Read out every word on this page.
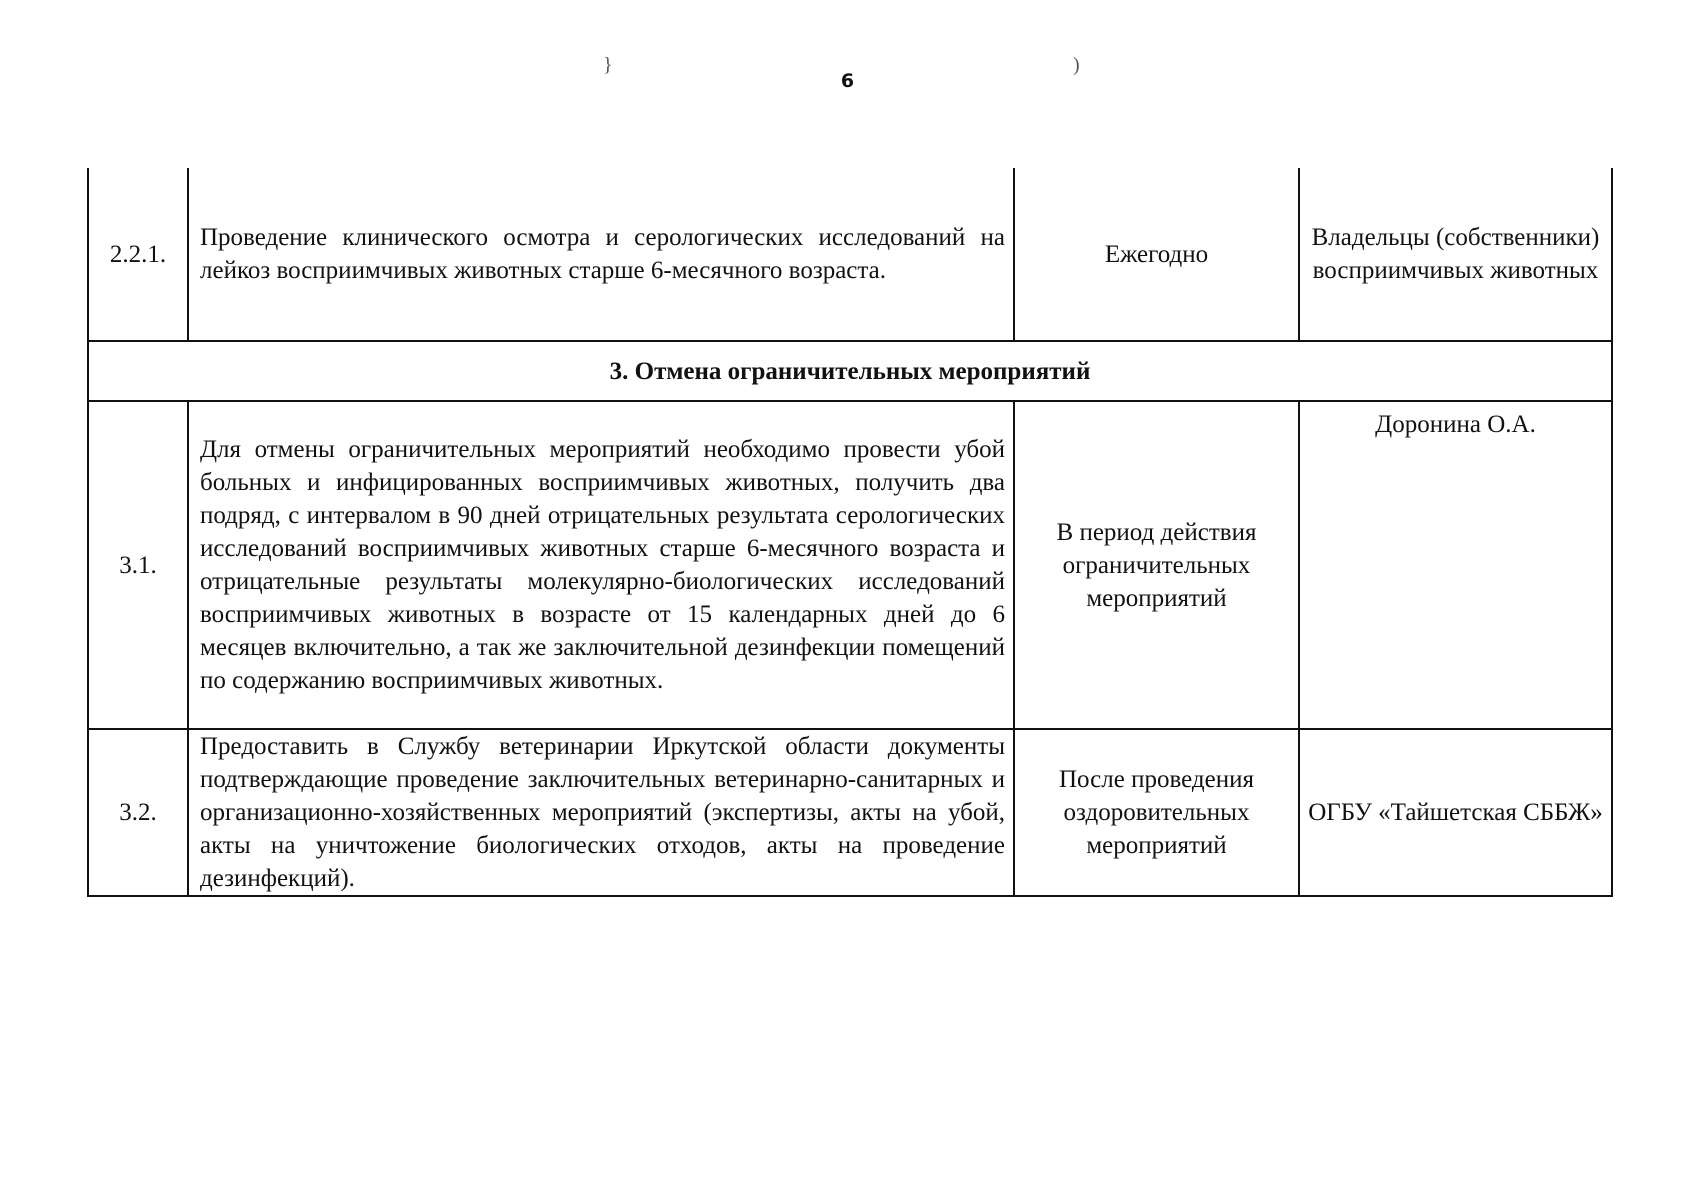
}
6
)
2.2.1.	Проведение клинического осмотра и серологических исследований на лейкоз восприимчивых животных старше 6-месячного возраста.	Ежегодно	Владельцы (собственники) восприимчивых животных
3. Отмена ограничительных мероприятий			
3.1.	Для отмены ограничительных мероприятий необходимо провести убой больных и инфицированных восприимчивых животных, получить два подряд, с интервалом в 90 дней отрицательных результата серологических исследований восприимчивых животных старше 6-месячного возраста и отрицательные результаты молекулярно-биологических исследований восприимчивых животных в возрасте от 15 календарных дней до 6 месяцев включительно, а так же заключительной дезинфекции помещений по содержанию восприимчивых животных.	В период действия ограничительных мероприятий	Доронина О.А.
3.2.	Предоставить в Службу ветеринарии Иркутской области документы подтверждающие проведение заключительных ветеринарно-санитарных и организационно-хозяйственных мероприятий (экспертизы, акты на убой, акты на уничтожение биологических отходов, акты на проведение дезинфекций).	После проведения оздоровительных мероприятий	ОГБУ «Тайшетская СББЖ»
